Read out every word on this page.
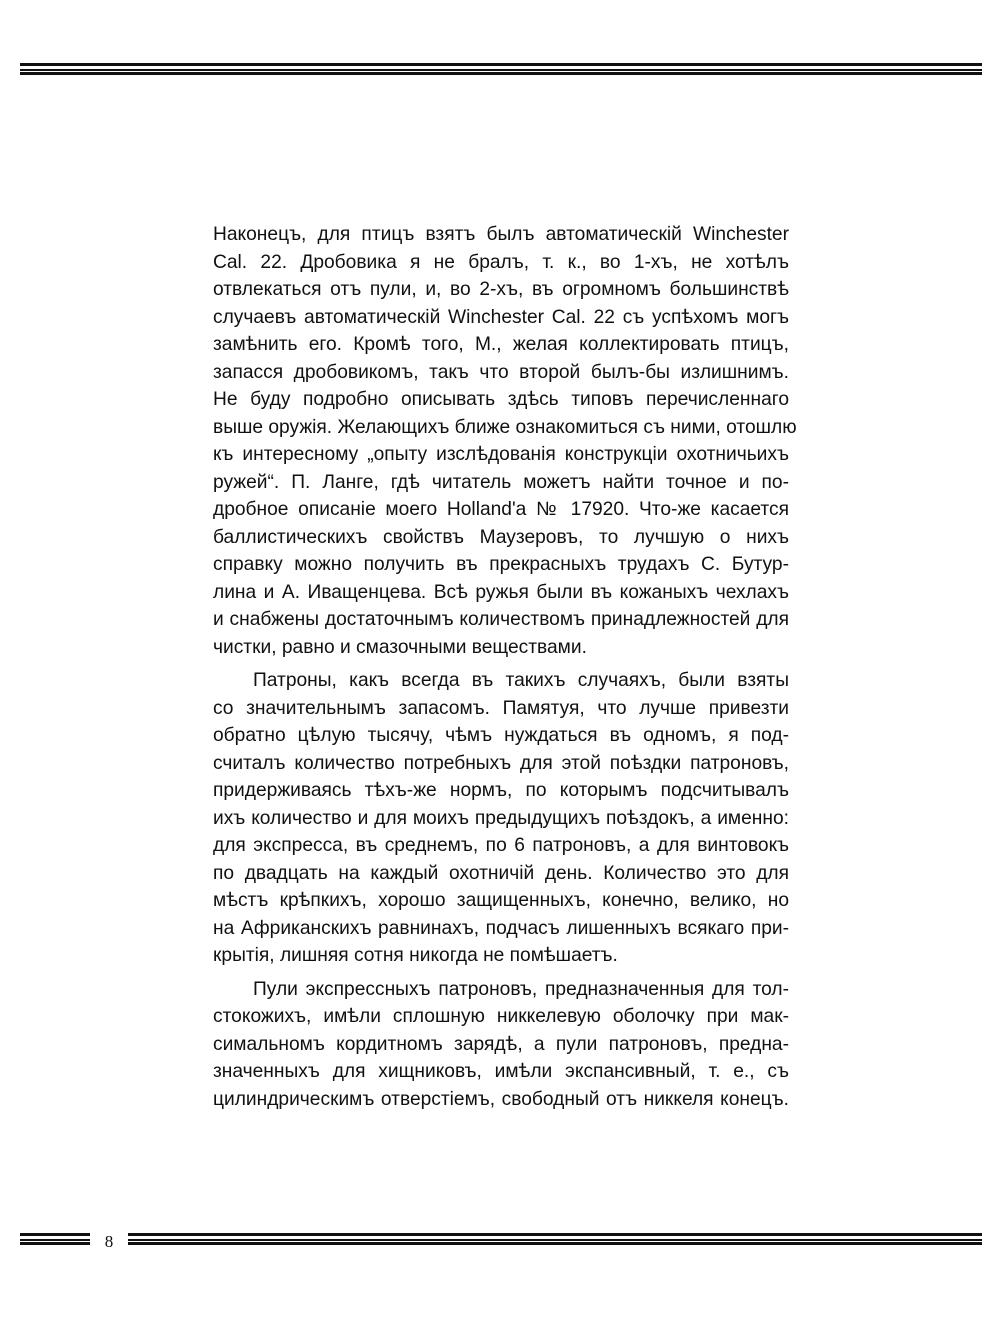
Наконецъ, для птицъ взятъ былъ автоматическій Winchester
Cal. 22. Дробовика я не бралъ, т. к., во 1-хъ, не хотѣлъ
отвлекаться отъ пули, и, во 2-хъ, въ огромномъ большинствѣ
случаевъ автоматическій Winchester Cal. 22 съ успѣхомъ могъ
замѣнить его. Кромѣ того, М., желая коллектировать птицъ,
запасся дробовикомъ, такъ что второй былъ-бы излишнимъ.
Не буду подробно описывать здѣсь типовъ перечисленнаго
выше оружія. Желающихъ ближе ознакомиться съ ними, отошлю
къ интересному „опыту изслѣдованія конструкціи охотничьихъ
ружей“. П. Ланге, гдѣ читатель можетъ найти точное и по-
дробное описаніе моего Holland'a № 17920. Что-же касается
баллистическихъ свойствъ Маузеровъ, то лучшую о нихъ
справку можно получить въ прекрасныхъ трудахъ С. Бутур-
лина и А. Иващенцева. Всѣ ружья были въ кожаныхъ чехлахъ
и снабжены достаточнымъ количествомъ принадлежностей для
чистки, равно и смазочными веществами.

Патроны, какъ всегда въ такихъ случаяхъ, были взяты
со значительнымъ запасомъ. Памятуя, что лучше привезти
обратно цѣлую тысячу, чѣмъ нуждаться въ одномъ, я под-
считалъ количество потребныхъ для этой поѣздки патроновъ,
придерживаясь тѣхъ-же нормъ, по которымъ подсчитывалъ
ихъ количество и для моихъ предыдущихъ поѣздокъ, а именно:
для экспресса, въ среднемъ, по 6 патроновъ, а для винтовокъ
по двадцать на каждый охотничій день. Количество это для
мѣстъ крѣпкихъ, хорошо защищенныхъ, конечно, велико, но
на Африканскихъ равнинахъ, подчасъ лишенныхъ всякаго при-
крытія, лишняя сотня никогда не помѣшаетъ.

Пули экспрессныхъ патроновъ, предназначенныя для тол-
стокожихъ, имѣли сплошную никкелевую оболочку при мак-
симальномъ кордитномъ зарядѣ, а пули патроновъ, предна-
значенныхъ для хищниковъ, имѣли экспансивный, т. е., съ
цилиндрическимъ отверстіемъ, свободный отъ никкеля конецъ.

8
